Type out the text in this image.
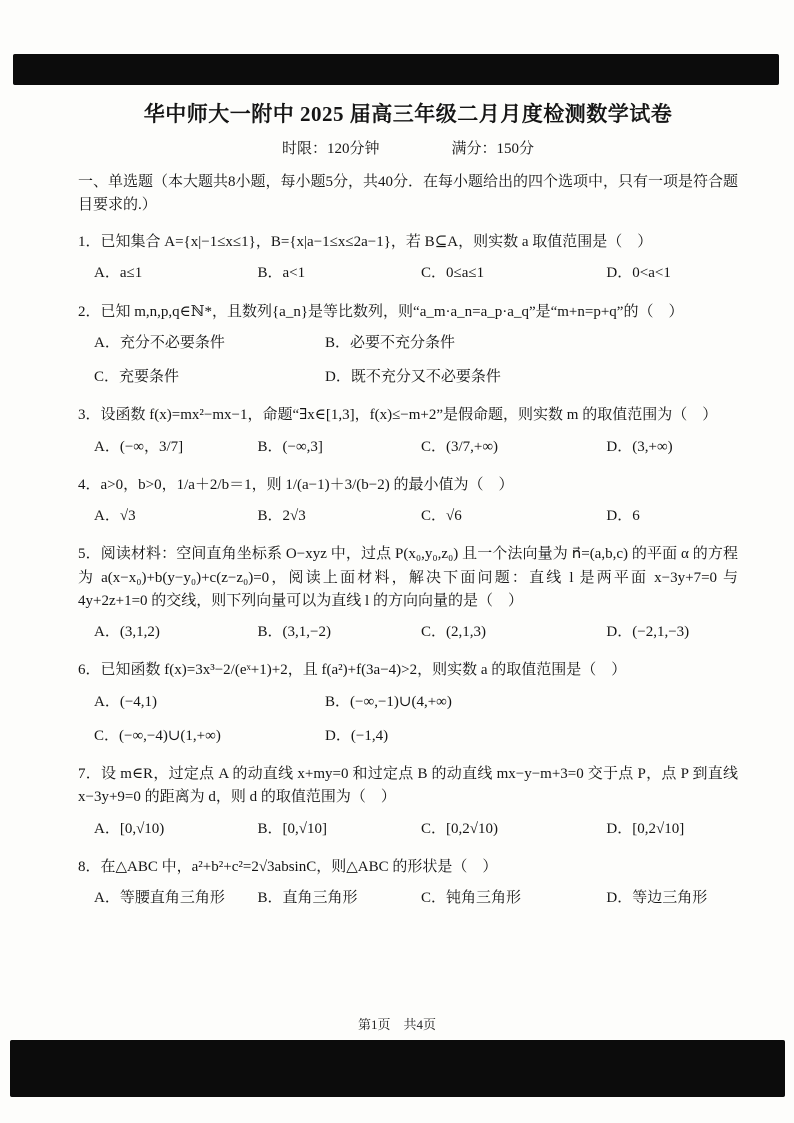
华中师大一附中 2025 届高三年级二月月度检测数学试卷
时限：120分钟	满分：150分
一、单选题（本大题共8小题，每小题5分，共40分．在每小题给出的四个选项中，只有一项是符合题目要求的.）

1．已知集合 A={x|−1≤x≤1}，B={x|a−1≤x≤2a−1}，若 B⊆A，则实数 a 取值范围是（　）

A．a≤1	B．a<1	C．0≤a≤1	D．0<a<1

2．已知 m,n,p,q∈ℕ*，且数列{a_n}是等比数列，则“a_m·a_n=a_p·a_q”是“m+n=p+q”的（　）

A．充分不必要条件	B．必要不充分条件
C．充要条件	D．既不充分又不必要条件

3．设函数 f(x)=mx²−mx−1，命题“∃x∈[1,3]，f(x)≤−m+2”是假命题，则实数 m 的取值范围为（　）

A．(−∞，3/7]	B．(−∞,3]	C．(3/7,+∞)	D．(3,+∞)

4．a>0，b>0，1/a＋2/b＝1，则 1/(a−1)＋3/(b−2) 的最小值为（　）

A．√3	B．2√3	C．√6	D．6

5．阅读材料：空间直角坐标系 O−xyz 中，过点 P(x₀,y₀,z₀) 且一个法向量为 n⃗=(a,b,c) 的平面 α 的方程为 a(x−x₀)+b(y−y₀)+c(z−z₀)=0，阅读上面材料，解决下面问题：直线 l 是两平面 x−3y+7=0 与 4y+2z+1=0 的交线，则下列向量可以为直线 l 的方向向量的是（　）

A．(3,1,2)	B．(3,1,−2)	C．(2,1,3)	D．(−2,1,−3)

6．已知函数 f(x)=3x³−2/(eˣ+1)+2，且 f(a²)+f(3a−4)>2，则实数 a 的取值范围是（　）

A．(−4,1)	B．(−∞,−1)∪(4,+∞)
C．(−∞,−4)∪(1,+∞)	D．(−1,4)

7．设 m∈R，过定点 A 的动直线 x+my=0 和过定点 B 的动直线 mx−y−m+3=0 交于点 P，点 P 到直线 x−3y+9=0 的距离为 d，则 d 的取值范围为（　）

A．[0,√10)	B．[0,√10]	C．[0,2√10)	D．[0,2√10]

8．在△ABC 中，a²+b²+c²=2√3absinC，则△ABC 的形状是（　）

A．等腰直角三角形	B．直角三角形	C．钝角三角形	D．等边三角形
第1页　共4页
